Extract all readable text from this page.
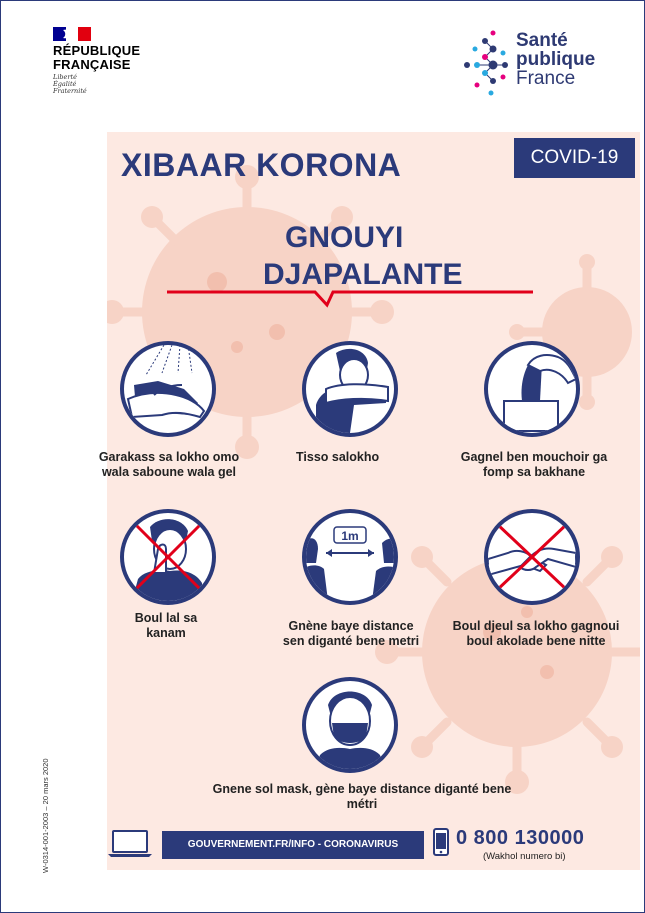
RÉPUBLIQUE
FRANÇAISE
Liberté
Égalité
Fraternité
Santé
publique
France
XIBAAR KORONA	COVID-19
GNOUYI
DJAPALANTE
1m
Garakass sa lokho omo
wala saboune wala gel
Tisso salokho	Gagnel ben mouchoir ga
fomp sa bakhane
Boul lal sa
kanam	Gnène baye distance
sen diganté bene metri
Boul djeul sa lokho gagnoui
boul akolade bene nitte
Gnene sol mask, gène baye distance diganté bene
métri
W-0314-001-2003 – 20 mars 2020	GOUVERNEMENT.FR/INFO - CORONAVIRUS	0 800 130000
(Wakhol numero bi)
